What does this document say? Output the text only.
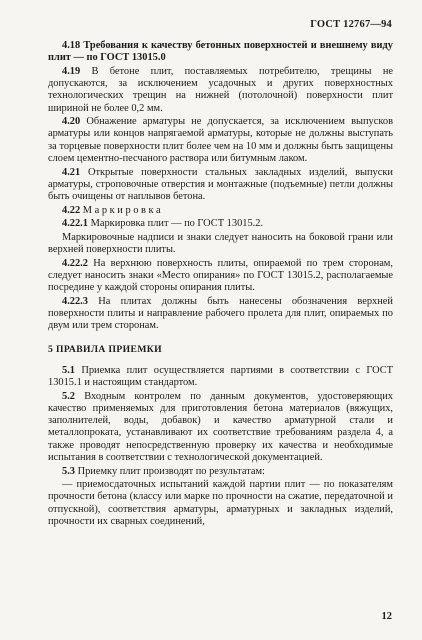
ГОСТ 12767—94

4.18 Требования к качеству бетонных поверхностей и внешнему виду плит — по ГОСТ 13015.0

4.19 В бетоне плит, поставляемых потребителю, трещины не допускаются, за исключением усадочных и других поверхностных технологических трещин на нижней (потолочной) поверхности плит шириной не более 0,2 мм.

4.20 Обнажение арматуры не допускается, за исключением выпусков арматуры или концов напрягаемой арматуры, которые не должны выступать за торцевые поверхности плит более чем на 10 мм и должны быть защищены слоем цементно-песчаного раствора или битумным лаком.

4.21 Открытые поверхности стальных закладных изделий, выпуски арматуры, строповочные отверстия и монтажные (подъемные) петли должны быть очищены от наплывов бетона.

4.22 Маркировка

4.22.1 Маркировка плит — по ГОСТ 13015.2.

Маркировочные надписи и знаки следует наносить на боковой грани или верхней поверхности плиты.

4.22.2 На верхнюю поверхность плиты, опирaемой по трем сторонам, следует наносить знаки «Место опирания» по ГОСТ 13015.2, располагаемые посредине у каждой стороны опирания плиты.

4.22.3 На плитах должны быть нанесены обозначения верхней поверхности плиты и направление рабочего пролета для плит, опираемых по двум или трем сторонам.

5 ПРАВИЛА ПРИЕМКИ

5.1 Приемка плит осуществляется партиями в соответствии с ГОСТ 13015.1 и настоящим стандартом.

5.2 Входным контролем по данным документов, удостоверяющих качество применяемых для приготовления бетона материалов (вяжущих, заполнителей, воды, добавок) и качество арматурной стали и металлопроката, устанавливают их соответствие требованиям раздела 4, а также проводят непосредственную проверку их качества и необходимые испытания в соответствии с технологической документацией.

5.3 Приемку плит производят по результатам:

— приемосдаточных испытаний каждой партии плит — по показателям прочности бетона (классу или марке по прочности на сжатие, передаточной и отпускной), соответствия арматуры, арматурных и закладных изделий, прочности их сварных соединений,

12
